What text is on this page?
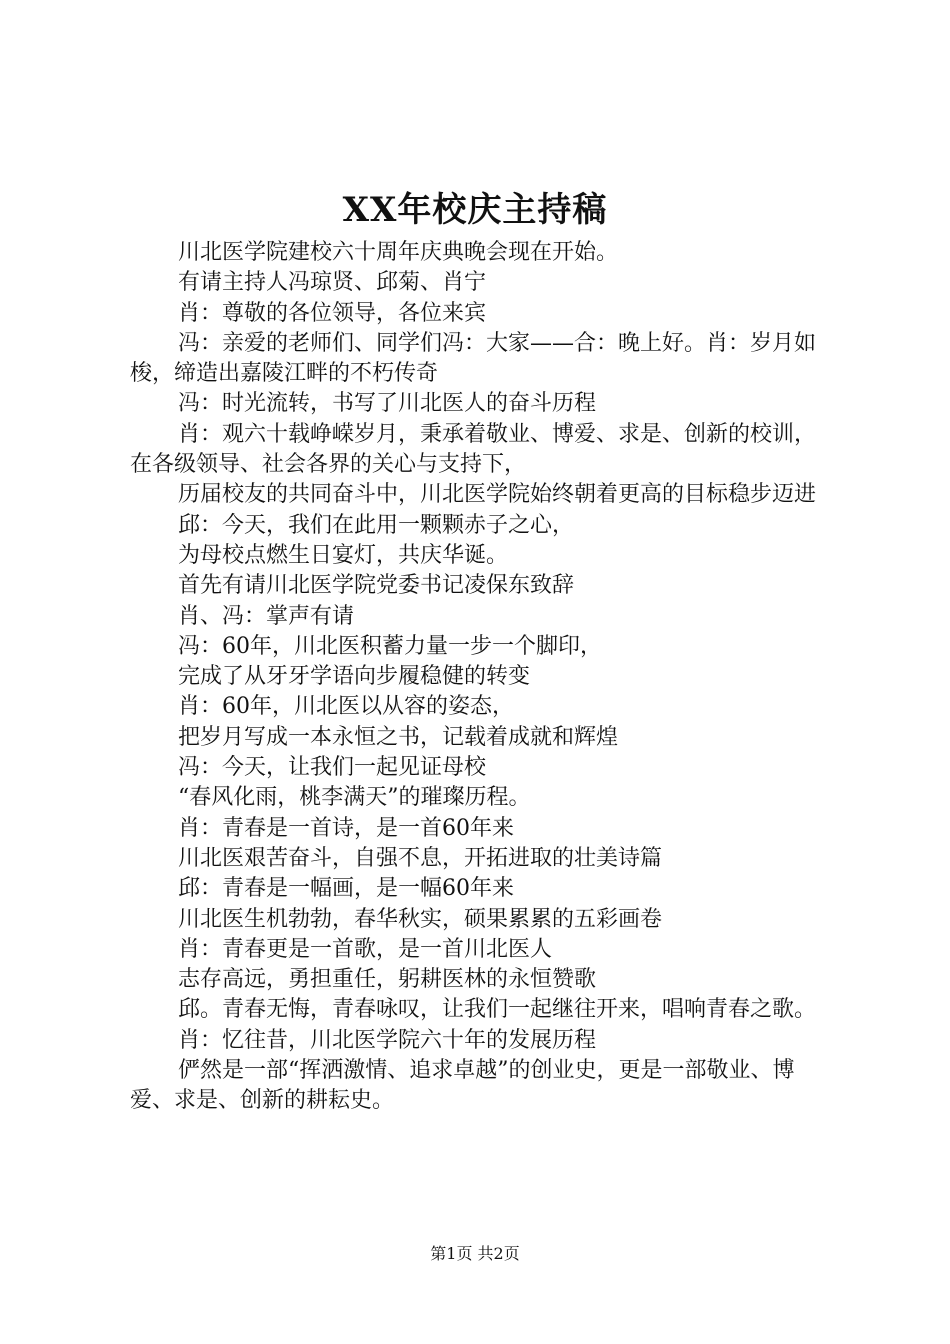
XX年校庆主持稿

川北医学院建校六十周年庆典晚会现在开始。

有请主持人冯琼贤、邱菊、肖宁

肖：尊敬的各位领导，各位来宾

冯：亲爱的老师们、同学们冯：大家——合：晚上好。肖：岁月如梭，缔造出嘉陵江畔的不朽传奇

冯：时光流转，书写了川北医人的奋斗历程

肖：观六十载峥嵘岁月，秉承着敬业、博爱、求是、创新的校训，在各级领导、社会各界的关心与支持下，

历届校友的共同奋斗中，川北医学院始终朝着更高的目标稳步迈进

邱：今天，我们在此用一颗颗赤子之心，

为母校点燃生日宴灯，共庆华诞。

首先有请川北医学院党委书记凌保东致辞

肖、冯：掌声有请

冯：60年，川北医积蓄力量一步一个脚印，

完成了从牙牙学语向步履稳健的转变

肖：60年，川北医以从容的姿态，

把岁月写成一本永恒之书，记载着成就和辉煌

冯：今天，让我们一起见证母校

“春风化雨，桃李满天”的璀璨历程。

肖：青春是一首诗，是一首60年来

川北医艰苦奋斗，自强不息，开拓进取的壮美诗篇

邱：青春是一幅画，是一幅60年来

川北医生机勃勃，春华秋实，硕果累累的五彩画卷

肖：青春更是一首歌，是一首川北医人

志存高远，勇担重任，躬耕医林的永恒赞歌

邱。青春无悔，青春咏叹，让我们一起继往开来，唱响青春之歌。

肖：忆往昔，川北医学院六十年的发展历程

俨然是一部“挥洒激情、追求卓越”的创业史，更是一部敬业、博爱、求是、创新的耕耘史。

第1页 共2页
